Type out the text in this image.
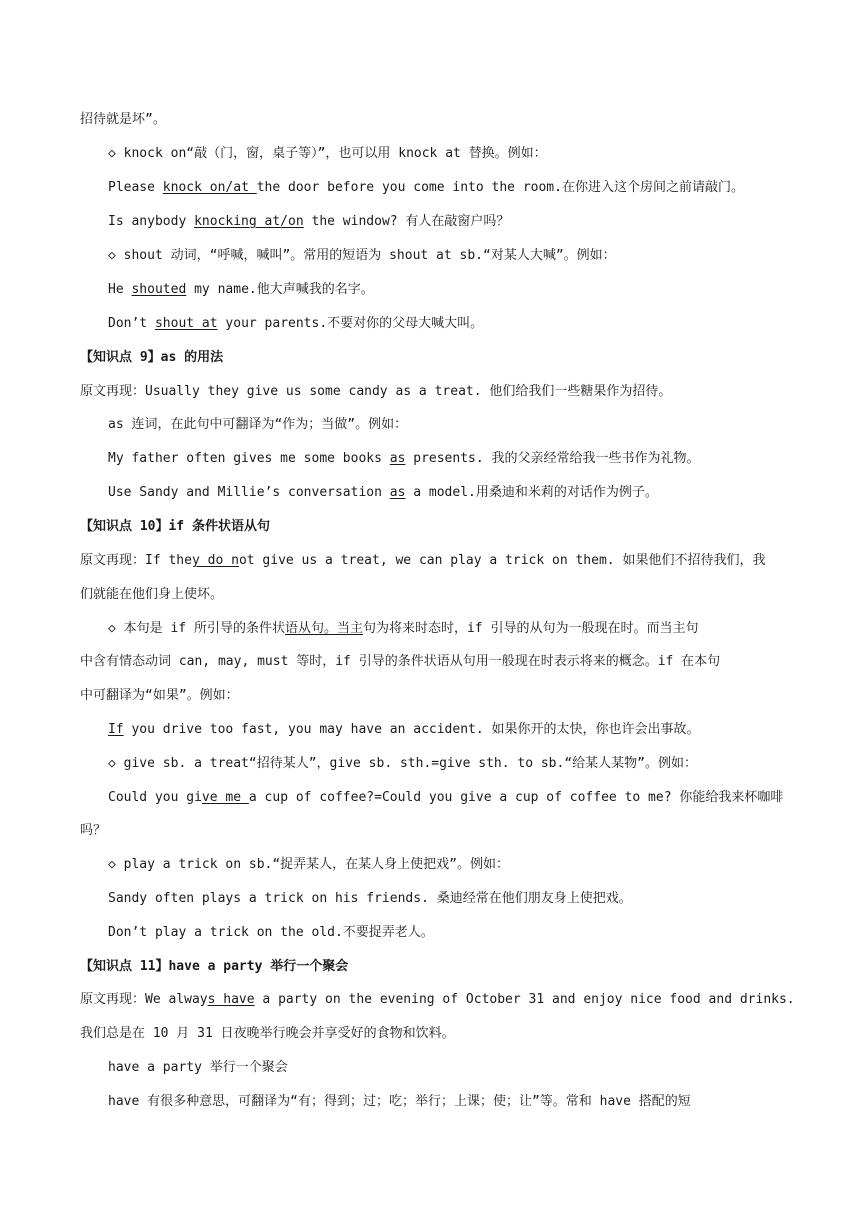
招待就是坏”。
◇ knock on“敲（门，窗，桌子等）”，也可以用 knock at 替换。例如：
Please knock on/at the door before you come into the room.在你进入这个房间之前请敲门。
Is anybody knocking at/on the window? 有人在敲窗户吗？
◇ shout 动词，“呼喊，喊叫”。常用的短语为 shout at sb.“对某人大喊”。例如：
He shouted my name.他大声喊我的名字。
Don’t shout at your parents.不要对你的父母大喊大叫。
【知识点 9】as 的用法
原文再现：Usually they give us some candy as a treat. 他们给我们一些糖果作为招待。
as 连词，在此句中可翻译为“作为；当做”。例如：
My father often gives me some books as presents. 我的父亲经常给我一些书作为礼物。
Use Sandy and Millie’s conversation as a model.用桑迪和米莉的对话作为例子。
【知识点 10】if 条件状语从句
原文再现：If they do not give us a treat, we can play a trick on them. 如果他们不招待我们，我
们就能在他们身上使坏。
◇ 本句是 if 所引导的条件状语从句。当主句为将来时态时，if 引导的从句为一般现在时。而当主句
中含有情态动词 can, may, must 等时，if 引导的条件状语从句用一般现在时表示将来的概念。if 在本句
中可翻译为“如果”。例如：
If you drive too fast, you may have an accident. 如果你开的太快，你也许会出事故。
◇ give sb. a treat“招待某人”，give sb. sth.=give sth. to sb.“给某人某物”。例如：
Could you give me a cup of coffee?=Could you give a cup of coffee to me? 你能给我来杯咖啡
吗？
◇ play a trick on sb.“捉弄某人，在某人身上使把戏”。例如：
Sandy often plays a trick on his friends. 桑迪经常在他们朋友身上使把戏。
Don’t play a trick on the old.不要捉弄老人。
【知识点 11】have a party 举行一个聚会
原文再现：We always have a party on the evening of October 31 and enjoy nice food and drinks.
我们总是在 10 月 31 日夜晚举行晚会并享受好的食物和饮料。
have a party 举行一个聚会
have 有很多种意思，可翻译为“有；得到；过；吃；举行；上课；使；让”等。常和 have 搭配的短
